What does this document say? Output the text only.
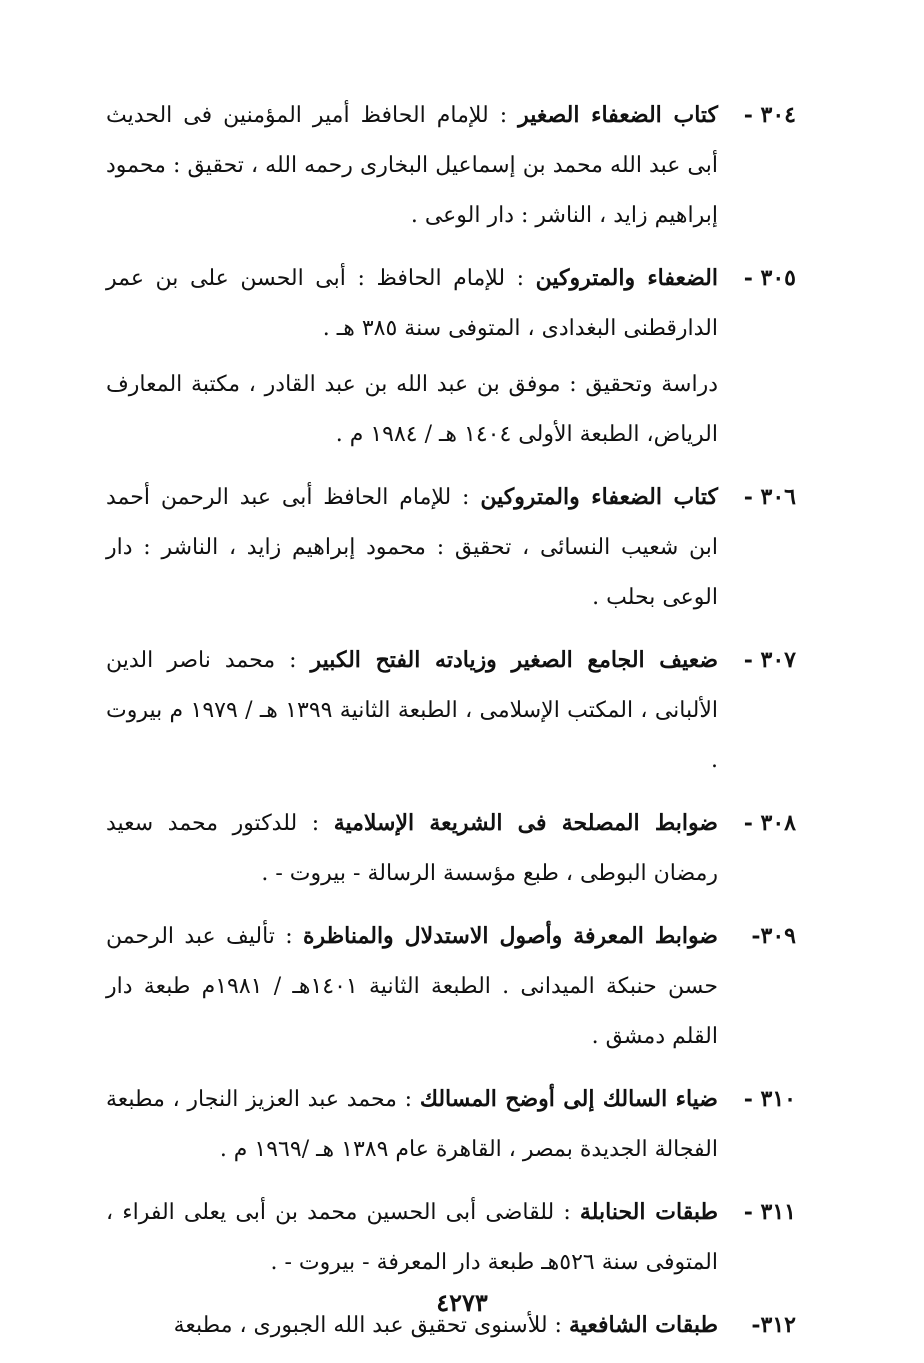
٣٠٤ -
كتاب الضعفاء الصغير : للإمام الحافظ أمير المؤمنين فى الحديث أبى عبد الله محمد بن إسماعيل البخارى رحمه الله ، تحقيق : محمود إبراهيم زايد ، الناشر : دار الوعى .
٣٠٥ -
الضعفاء والمتروكين : للإمام الحافظ : أبى الحسن على بن عمر الدارقطنى البغدادى ، المتوفى سنة ٣٨٥ هـ .
دراسة وتحقيق : موفق بن عبد الله بن عبد القادر ، مكتبة المعارف الرياض، الطبعة الأولى ١٤٠٤ هـ / ١٩٨٤ م .
٣٠٦ -
كتاب الضعفاء والمتروكين : للإمام الحافظ أبى عبد الرحمن أحمد ابن شعيب النسائى ، تحقيق : محمود إبراهيم زايد ، الناشر : دار الوعى بحلب .
٣٠٧ -
ضعيف الجامع الصغير وزيادته الفتح الكبير : محمد ناصر الدين الألبانى ، المكتب الإسلامى ، الطبعة الثانية ١٣٩٩ هـ / ١٩٧٩ م بيروت .
٣٠٨ -
ضوابط المصلحة فى الشريعة الإسلامية : للدكتور محمد سعيد رمضان البوطى ، طبع مؤسسة الرسالة - بيروت - .
٣٠٩-
ضوابط المعرفة وأصول الاستدلال والمناظرة : تأليف عبد الرحمن حسن حنبكة الميدانى . الطبعة الثانية ١٤٠١هـ / ١٩٨١م طبعة دار القلم دمشق .
٣١٠ -
ضياء السالك إلى أوضح المسالك : محمد عبد العزيز النجار ، مطبعة الفجالة الجديدة بمصر ، القاهرة عام ١٣٨٩ هـ /١٩٦٩ م .
٣١١ -
طبقات الحنابلة : للقاضى أبى الحسين محمد بن أبى يعلى الفراء ، المتوفى سنة ٥٢٦هـ طبعة دار المعرفة - بيروت - .
٣١٢-
طبقات الشافعية : للأسنوى تحقيق عبد الله الجبورى ، مطبعة
٤٢٧٣
